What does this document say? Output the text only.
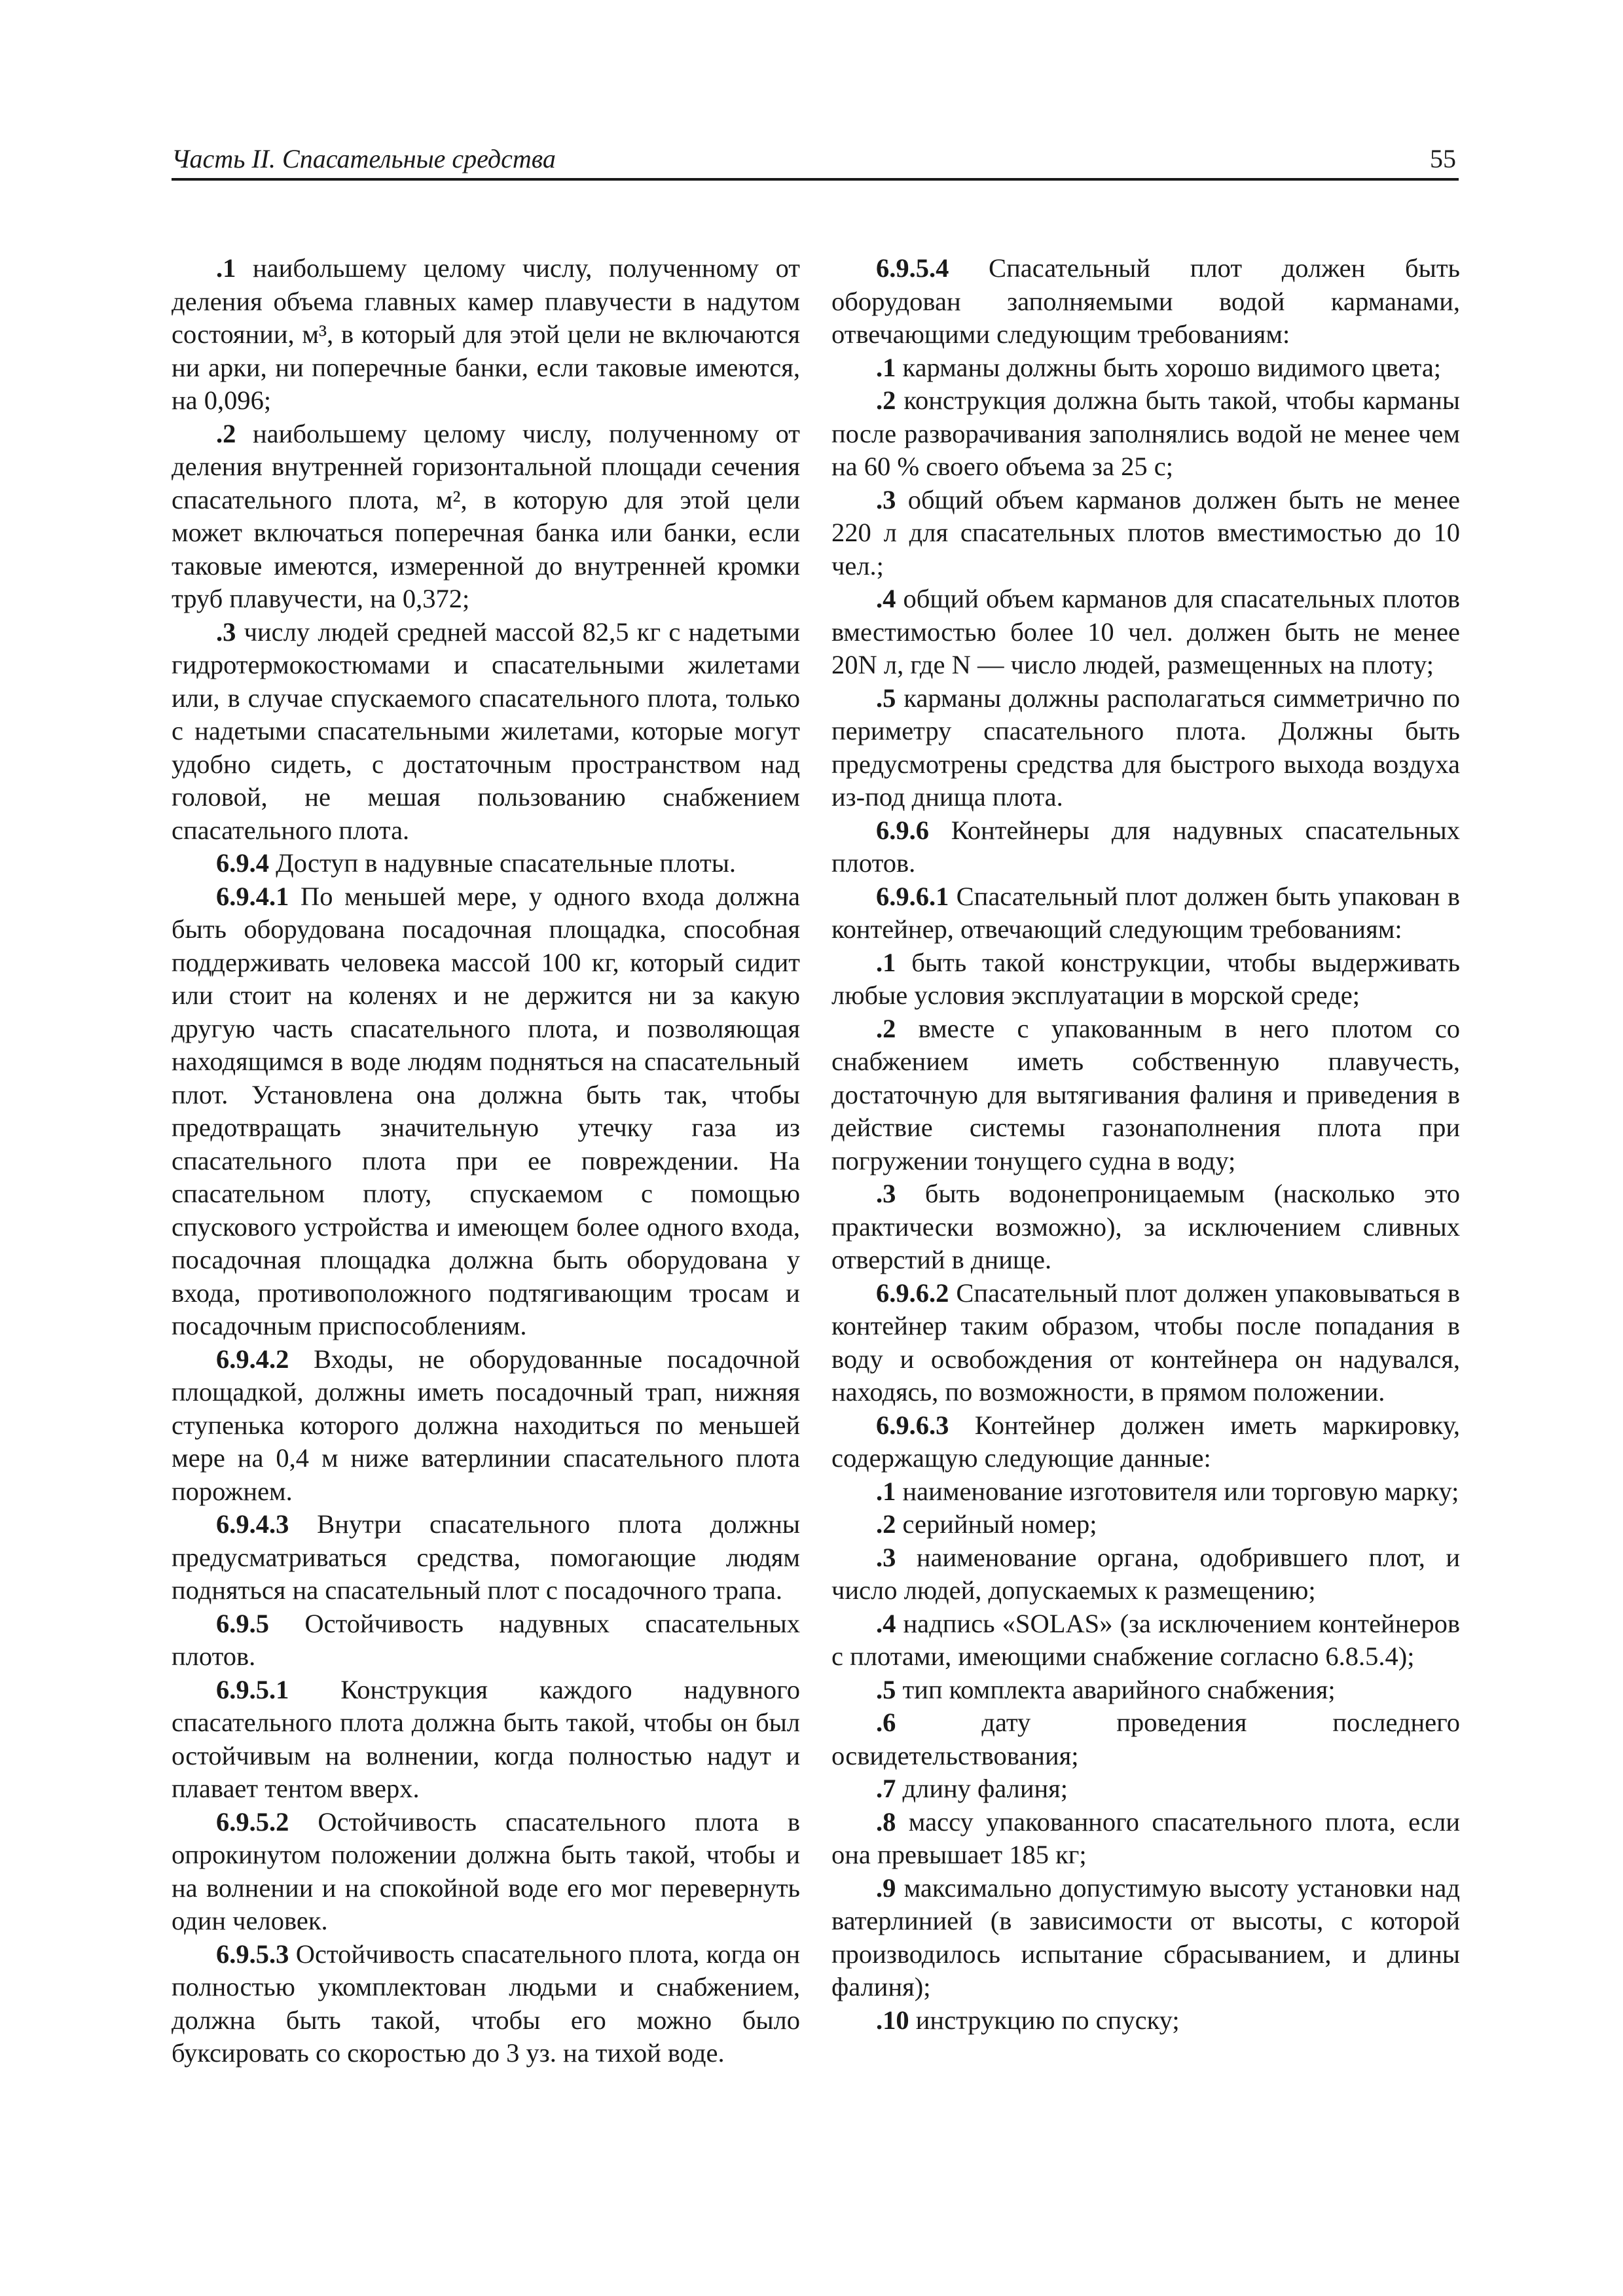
Часть II. Спасательные средства	55

.1 наибольшему целому числу, полученному от деления объема главных камер плавучести в надутом состоянии, м³, в который для этой цели не включаются ни арки, ни поперечные банки, если таковые имеются, на 0,096;

.2 наибольшему целому числу, полученному от деления внутренней горизонтальной площади сечения спасательного плота, м², в которую для этой цели может включаться поперечная банка или банки, если таковые имеются, измеренной до внутренней кромки труб плавучести, на 0,372;

.3 числу людей средней массой 82,5 кг с надетыми гидротермокостюмами и спасательными жилетами или, в случае спускаемого спасательного плота, только с надетыми спасательными жилетами, которые могут удобно сидеть, с достаточным пространством над головой, не мешая пользованию снабжением спасательного плота.

6.9.4 Доступ в надувные спасательные плоты.

6.9.4.1 По меньшей мере, у одного входа должна быть оборудована посадочная площадка, способная поддерживать человека массой 100 кг, который сидит или стоит на коленях и не держится ни за какую другую часть спасательного плота, и позволяющая находящимся в воде людям подняться на спасательный плот. Установлена она должна быть так, чтобы предотвращать значительную утечку газа из спасательного плота при ее повреждении. На спасательном плоту, спускаемом с помощью спускового устройства и имеющем более одного входа, посадочная площадка должна быть оборудована у входа, противоположного подтягивающим тросам и посадочным приспособлениям.

6.9.4.2 Входы, не оборудованные посадочной площадкой, должны иметь посадочный трап, нижняя ступенька которого должна находиться по меньшей мере на 0,4 м ниже ватерлинии спасательного плота порожнем.

6.9.4.3 Внутри спасательного плота должны предусматриваться средства, помогающие людям подняться на спасательный плот с посадочного трапа.

6.9.5 Остойчивость надувных спасательных плотов.

6.9.5.1 Конструкция каждого надувного спасательного плота должна быть такой, чтобы он был остойчивым на волнении, когда полностью надут и плавает тентом вверх.

6.9.5.2 Остойчивость спасательного плота в опрокинутом положении должна быть такой, чтобы и на волнении и на спокойной воде его мог перевернуть один человек.

6.9.5.3 Остойчивость спасательного плота, когда он полностью укомплектован людьми и снабжением, должна быть такой, чтобы его можно было буксировать со скоростью до 3 уз. на тихой воде.

6.9.5.4 Спасательный плот должен быть оборудован заполняемыми водой карманами, отвечающими следующим требованиям:

.1 карманы должны быть хорошо видимого цвета;

.2 конструкция должна быть такой, чтобы карманы после разворачивания заполнялись водой не менее чем на 60 % своего объема за 25 с;

.3 общий объем карманов должен быть не менее 220 л для спасательных плотов вместимостью до 10 чел.;

.4 общий объем карманов для спасательных плотов вместимостью более 10 чел. должен быть не менее 20N л, где N — число людей, размещенных на плоту;

.5 карманы должны располагаться симметрично по периметру спасательного плота. Должны быть предусмотрены средства для быстрого выхода воздуха из-под днища плота.

6.9.6 Контейнеры для надувных спасательных плотов.

6.9.6.1 Спасательный плот должен быть упакован в контейнер, отвечающий следующим требованиям:

.1 быть такой конструкции, чтобы выдерживать любые условия эксплуатации в морской среде;

.2 вместе с упакованным в него плотом со снабжением иметь собственную плавучесть, достаточную для вытягивания фалиня и приведения в действие системы газонаполнения плота при погружении тонущего судна в воду;

.3 быть водонепроницаемым (насколько это практически возможно), за исключением сливных отверстий в днище.

6.9.6.2 Спасательный плот должен упаковываться в контейнер таким образом, чтобы после попадания в воду и освобождения от контейнера он надувался, находясь, по возможности, в прямом положении.

6.9.6.3 Контейнер должен иметь маркировку, содержащую следующие данные:

.1 наименование изготовителя или торговую марку;

.2 серийный номер;

.3 наименование органа, одобрившего плот, и число людей, допускаемых к размещению;

.4 надпись «SOLAS» (за исключением контейнеров с плотами, имеющими снабжение согласно 6.8.5.4);

.5 тип комплекта аварийного снабжения;

.6 дату проведения последнего освидетельствования;

.7 длину фалиня;

.8 массу упакованного спасательного плота, если она превышает 185 кг;

.9 максимально допустимую высоту установки над ватерлинией (в зависимости от высоты, с которой производилось испытание сбрасыванием, и длины фалиня);

.10 инструкцию по спуску;
